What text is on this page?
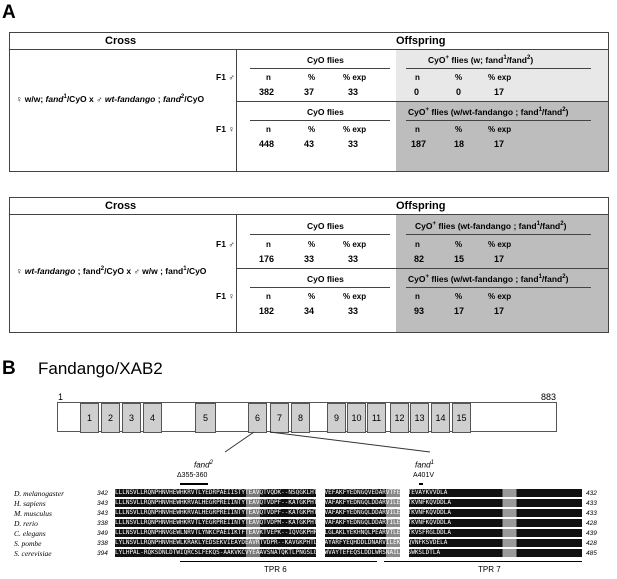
A
Cross	Offspring
♀ w/w; fand$^1$/CyO x ♂ wt-fandango ; fand$^2$/CyO
F1 ♂
CyO flies	CyO+ flies (w; fand$^1$/fand$^2$)
n	%	% exp
382	37	33
n	%	% exp
0	0	17
F1 ♀
CyO flies	CyO+ flies (w/wt-fandango ; fand$^1$/fand$^2$)
n	%	% exp
448	43	33
n	%	% exp
187	18	17
Cross	Offspring
♀ wt-fandango ; fand$^2$/CyO x ♂ w/w ; fand$^1$/CyO
F1 ♂
CyO flies	CyO+ flies (wt-fandango ; fand$^1$/fand$^2$)
n	%	% exp
176	33	33
n	%	% exp
82	15	17
F1 ♀
CyO flies	CyO+ flies (w/wt-fandango ; fand$^1$/fand$^2$)
n	%	% exp
182	34	33
n	%	% exp
93	17	17
B Fandango/XAB2
1	883
1	2	3	4	5	6	7	8	9	10	11	12	13	14	15
fand$^2$
Δ355-360
fand$^1$
A401V
D. melanogaster	342 LLLNSVLLRQNPHNVHEWHKRVTLYEDRPAEIISTYTEAVQTVQDK--NSQGKLHTLWVEFAKFYEDNGQVEDARVTFERGTEVAYKVVDLA	432
H. sapiens	343 LLLNSVLLRQNPHNVHEWHKRVALHEGRPREIINTYTEAVQTVDPF--KATGKPHTLWVAFAKFYEDNGQLDDARVILEKATKVNFKQVDDLA	433
M. musculus	343 LLLNSVLLRQNPHNVHEWHKRVALHEGRPREIINTYTEAVQTVDPF--KATGKPHTLWVAFAKFYEDNGQLDDARVILEKATKVNFKQVDDLA	433
D. rerio	338 LLLNSVLLRQNPHNVHEWHKRVTLYEGRPREIINTYTEAVQTVDPM--KATGKPHTLWVAFAKFYEDNGQLDDARTILEKATKVNFKQVDDLA	428
C. elegans	349 LLLNSVLLRQNPHNVGEWLNRVTLYNKCPAEIIKTFTEAVKTVEPK--IQVGKPHRLWLGLAKLYEKHNQLPEARVTLERATKVSFRGLDDLA	439
S. pombe	338 LYLNSVLLRQNPHNVHEWLKRAKLYEDSEKVIEAYDEAVRTVDPR--KAVGKPHTLWVAYARFYEQHDDLDNARVILEKATQVNFKSVDELA	428
S. cerevisiae	394 LYLHPAL-RQKSDNLDTWIQRCSLFEKQS-AAKVKCVYEAAVSNATQKTLPNGSLGKLWVAYTEFEQSLDDLWRSNAILSQSWKSLDTLA	485
TPR 6	TPR 7
